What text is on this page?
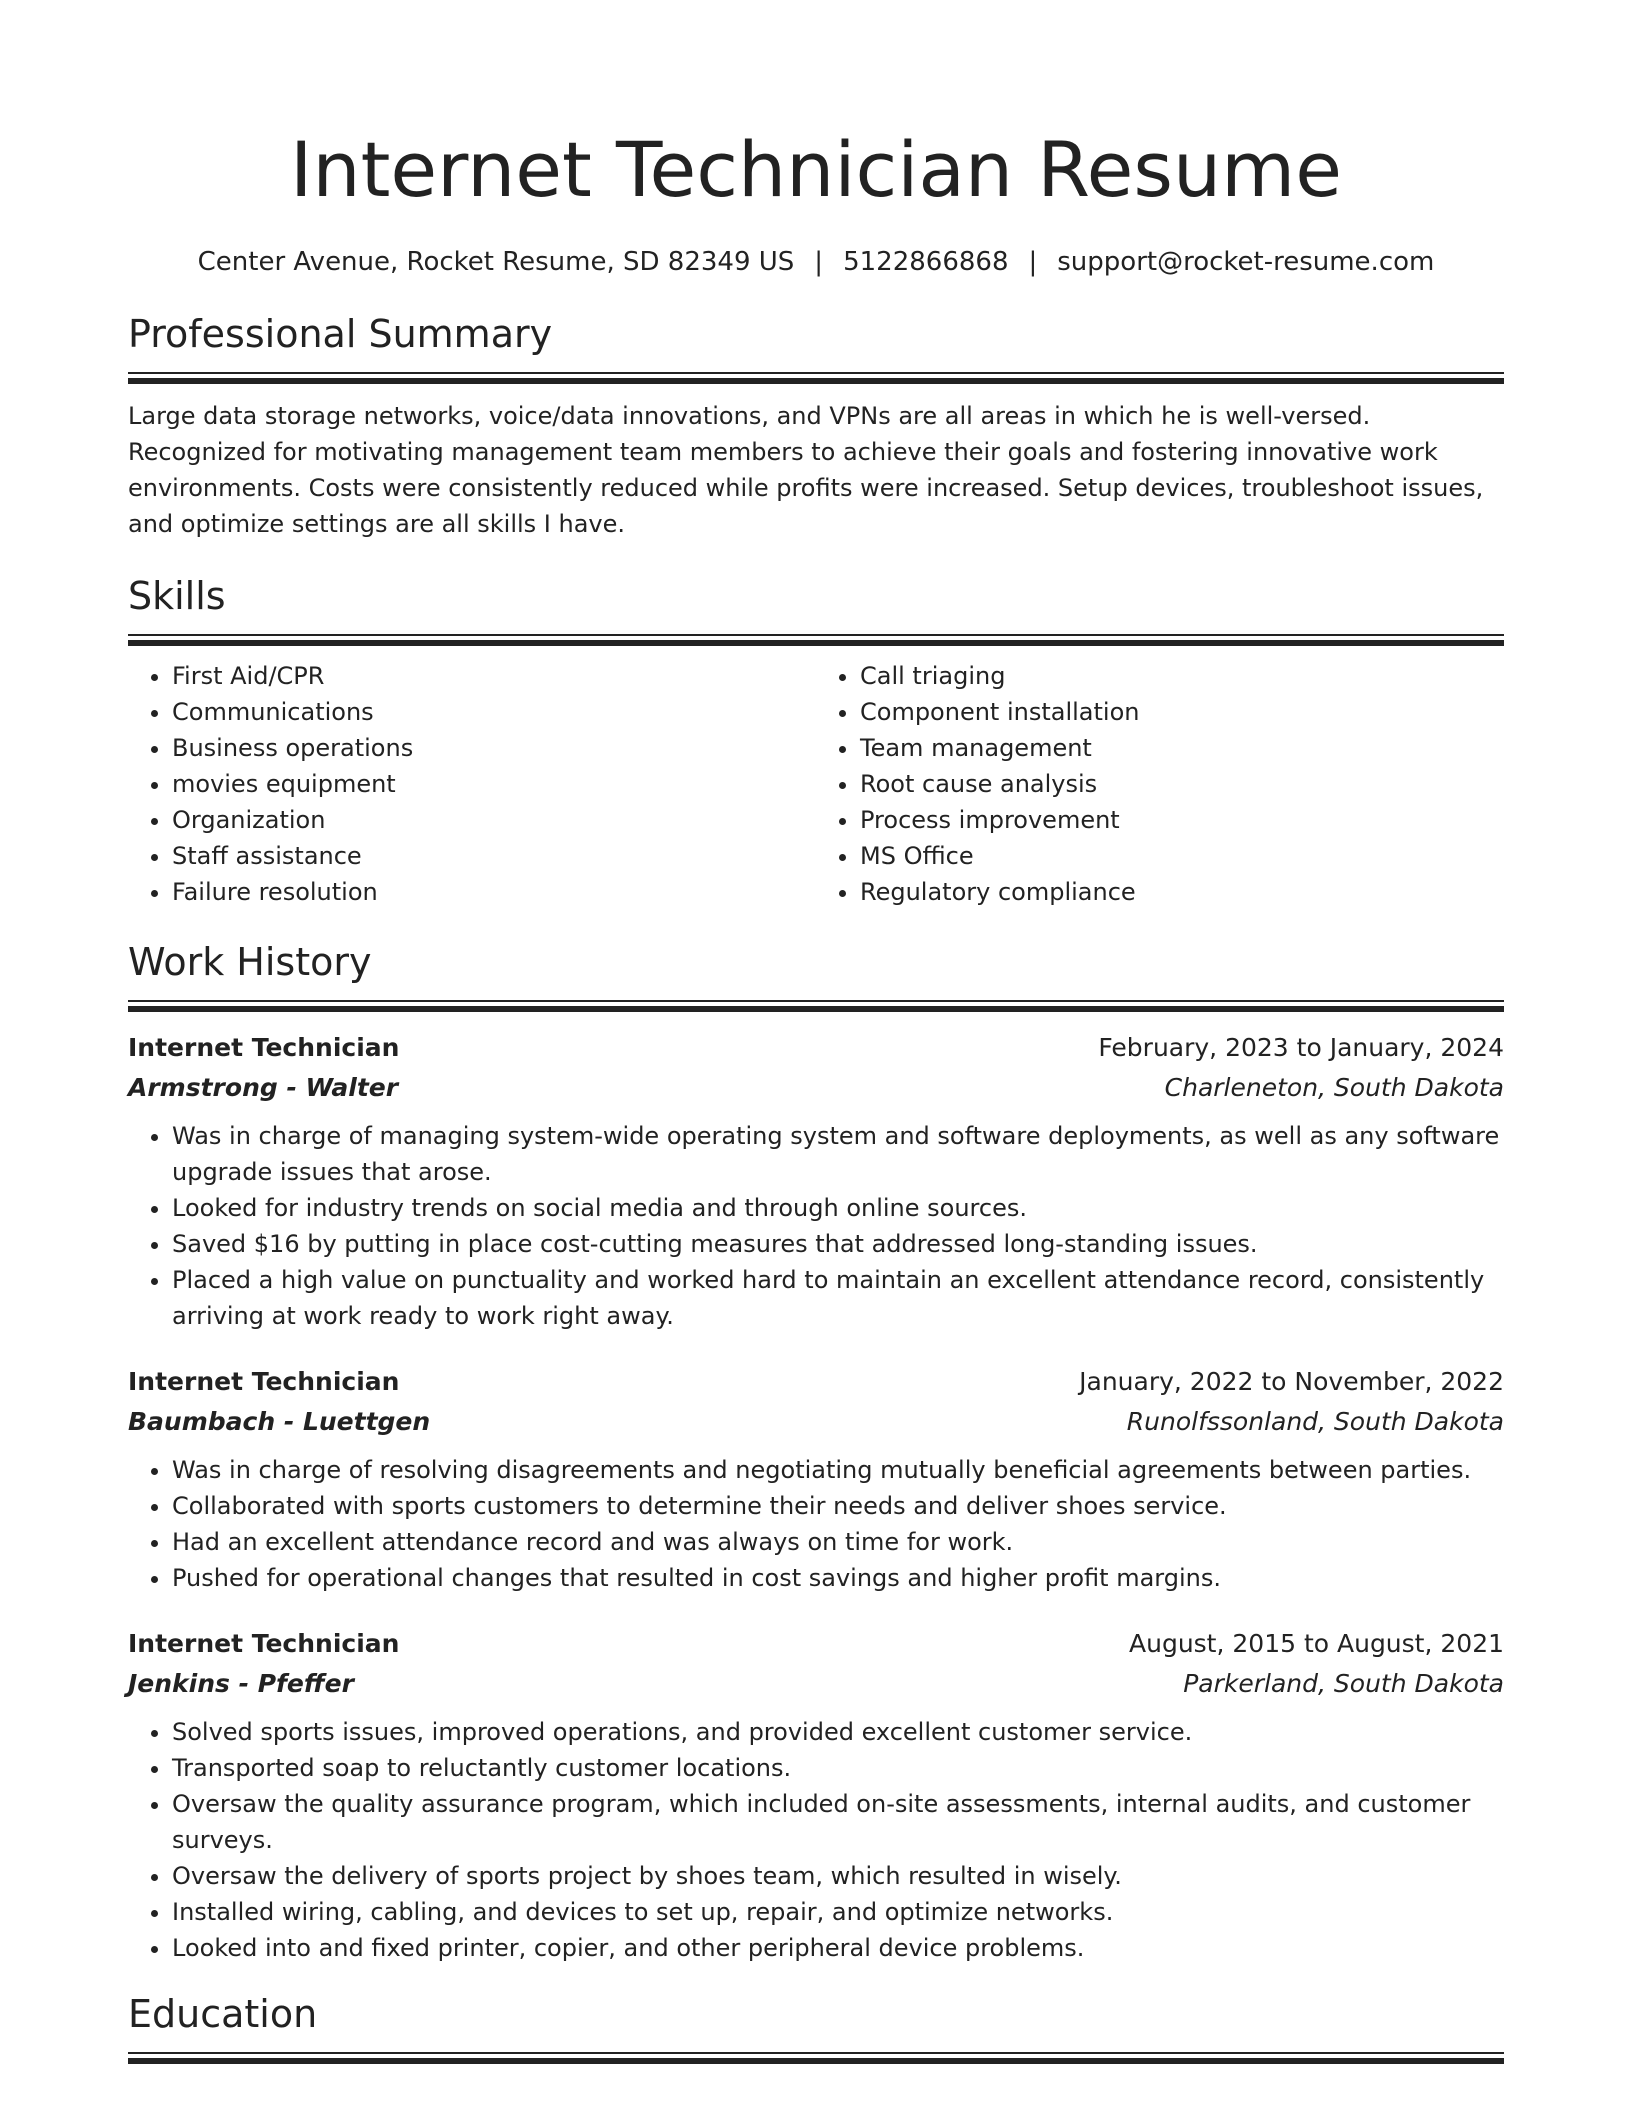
Internet Technician Resume
Center Avenue, Rocket Resume, SD 82349 US | 5122866868 | support@rocket-resume.com
Professional Summary
Large data storage networks, voice/data innovations, and VPNs are all areas in which he is well-versed. Recognized for motivating management team members to achieve their goals and fostering innovative work environments. Costs were consistently reduced while profits were increased. Setup devices, troubleshoot issues, and optimize settings are all skills I have.
Skills
• First Aid/CPR
• Communications
• Business operations
• movies equipment
• Organization
• Staff assistance
• Failure resolution
• Call triaging
• Component installation
• Team management
• Root cause analysis
• Process improvement
• MS Office
• Regulatory compliance
Work History
Internet Technician	February, 2023 to January, 2024
Armstrong - Walter	Charleneton, South Dakota
• Was in charge of managing system-wide operating system and software deployments, as well as any software upgrade issues that arose.
• Looked for industry trends on social media and through online sources.
• Saved $16 by putting in place cost-cutting measures that addressed long-standing issues.
• Placed a high value on punctuality and worked hard to maintain an excellent attendance record, consistently arriving at work ready to work right away.
Internet Technician	January, 2022 to November, 2022
Baumbach - Luettgen	Runolfssonland, South Dakota
• Was in charge of resolving disagreements and negotiating mutually beneficial agreements between parties.
• Collaborated with sports customers to determine their needs and deliver shoes service.
• Had an excellent attendance record and was always on time for work.
• Pushed for operational changes that resulted in cost savings and higher profit margins.
Internet Technician	August, 2015 to August, 2021
Jenkins - Pfeffer	Parkerland, South Dakota
• Solved sports issues, improved operations, and provided excellent customer service.
• Transported soap to reluctantly customer locations.
• Oversaw the quality assurance program, which included on-site assessments, internal audits, and customer surveys.
• Oversaw the delivery of sports project by shoes team, which resulted in wisely.
• Installed wiring, cabling, and devices to set up, repair, and optimize networks.
• Looked into and fixed printer, copier, and other peripheral device problems.
Education
